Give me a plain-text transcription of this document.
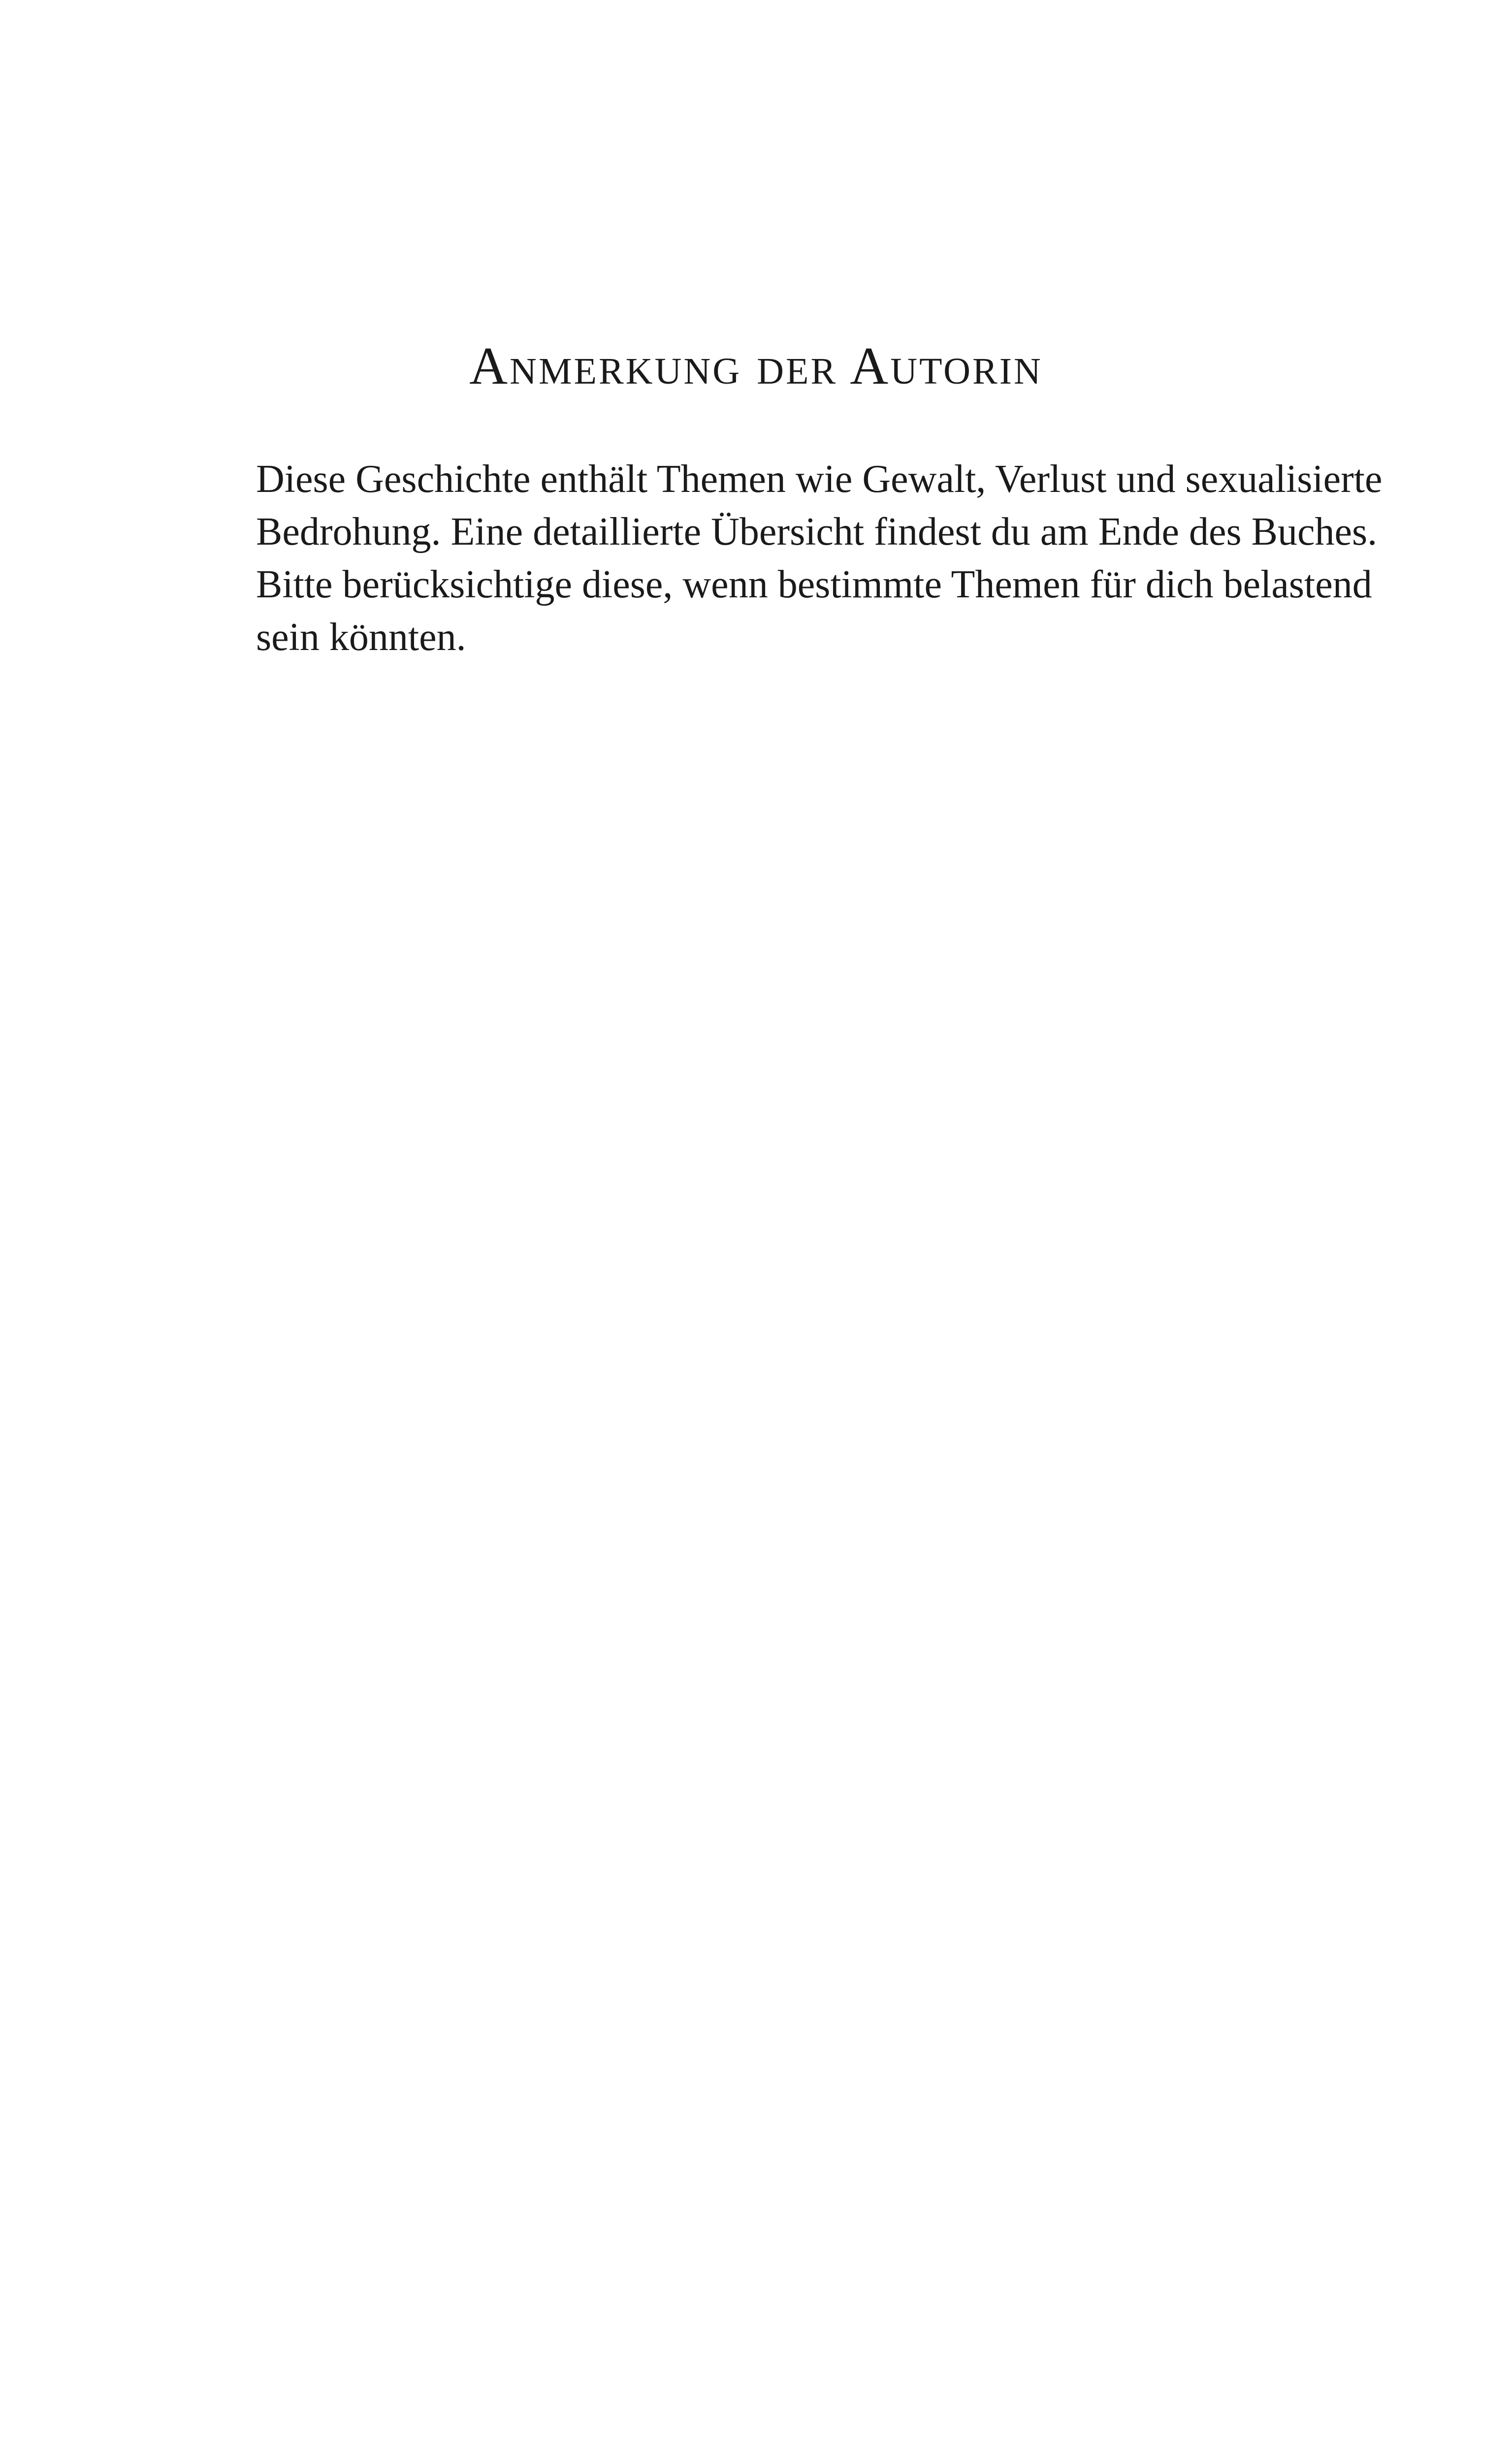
Anmerkung der Autorin

Diese Geschichte enthält Themen wie Gewalt, Verlust und sexualisierte
Bedrohung. Eine detaillierte Übersicht findest du am Ende des Buches.
Bitte berücksichtige diese, wenn bestimmte Themen für dich belastend
sein könnten.
